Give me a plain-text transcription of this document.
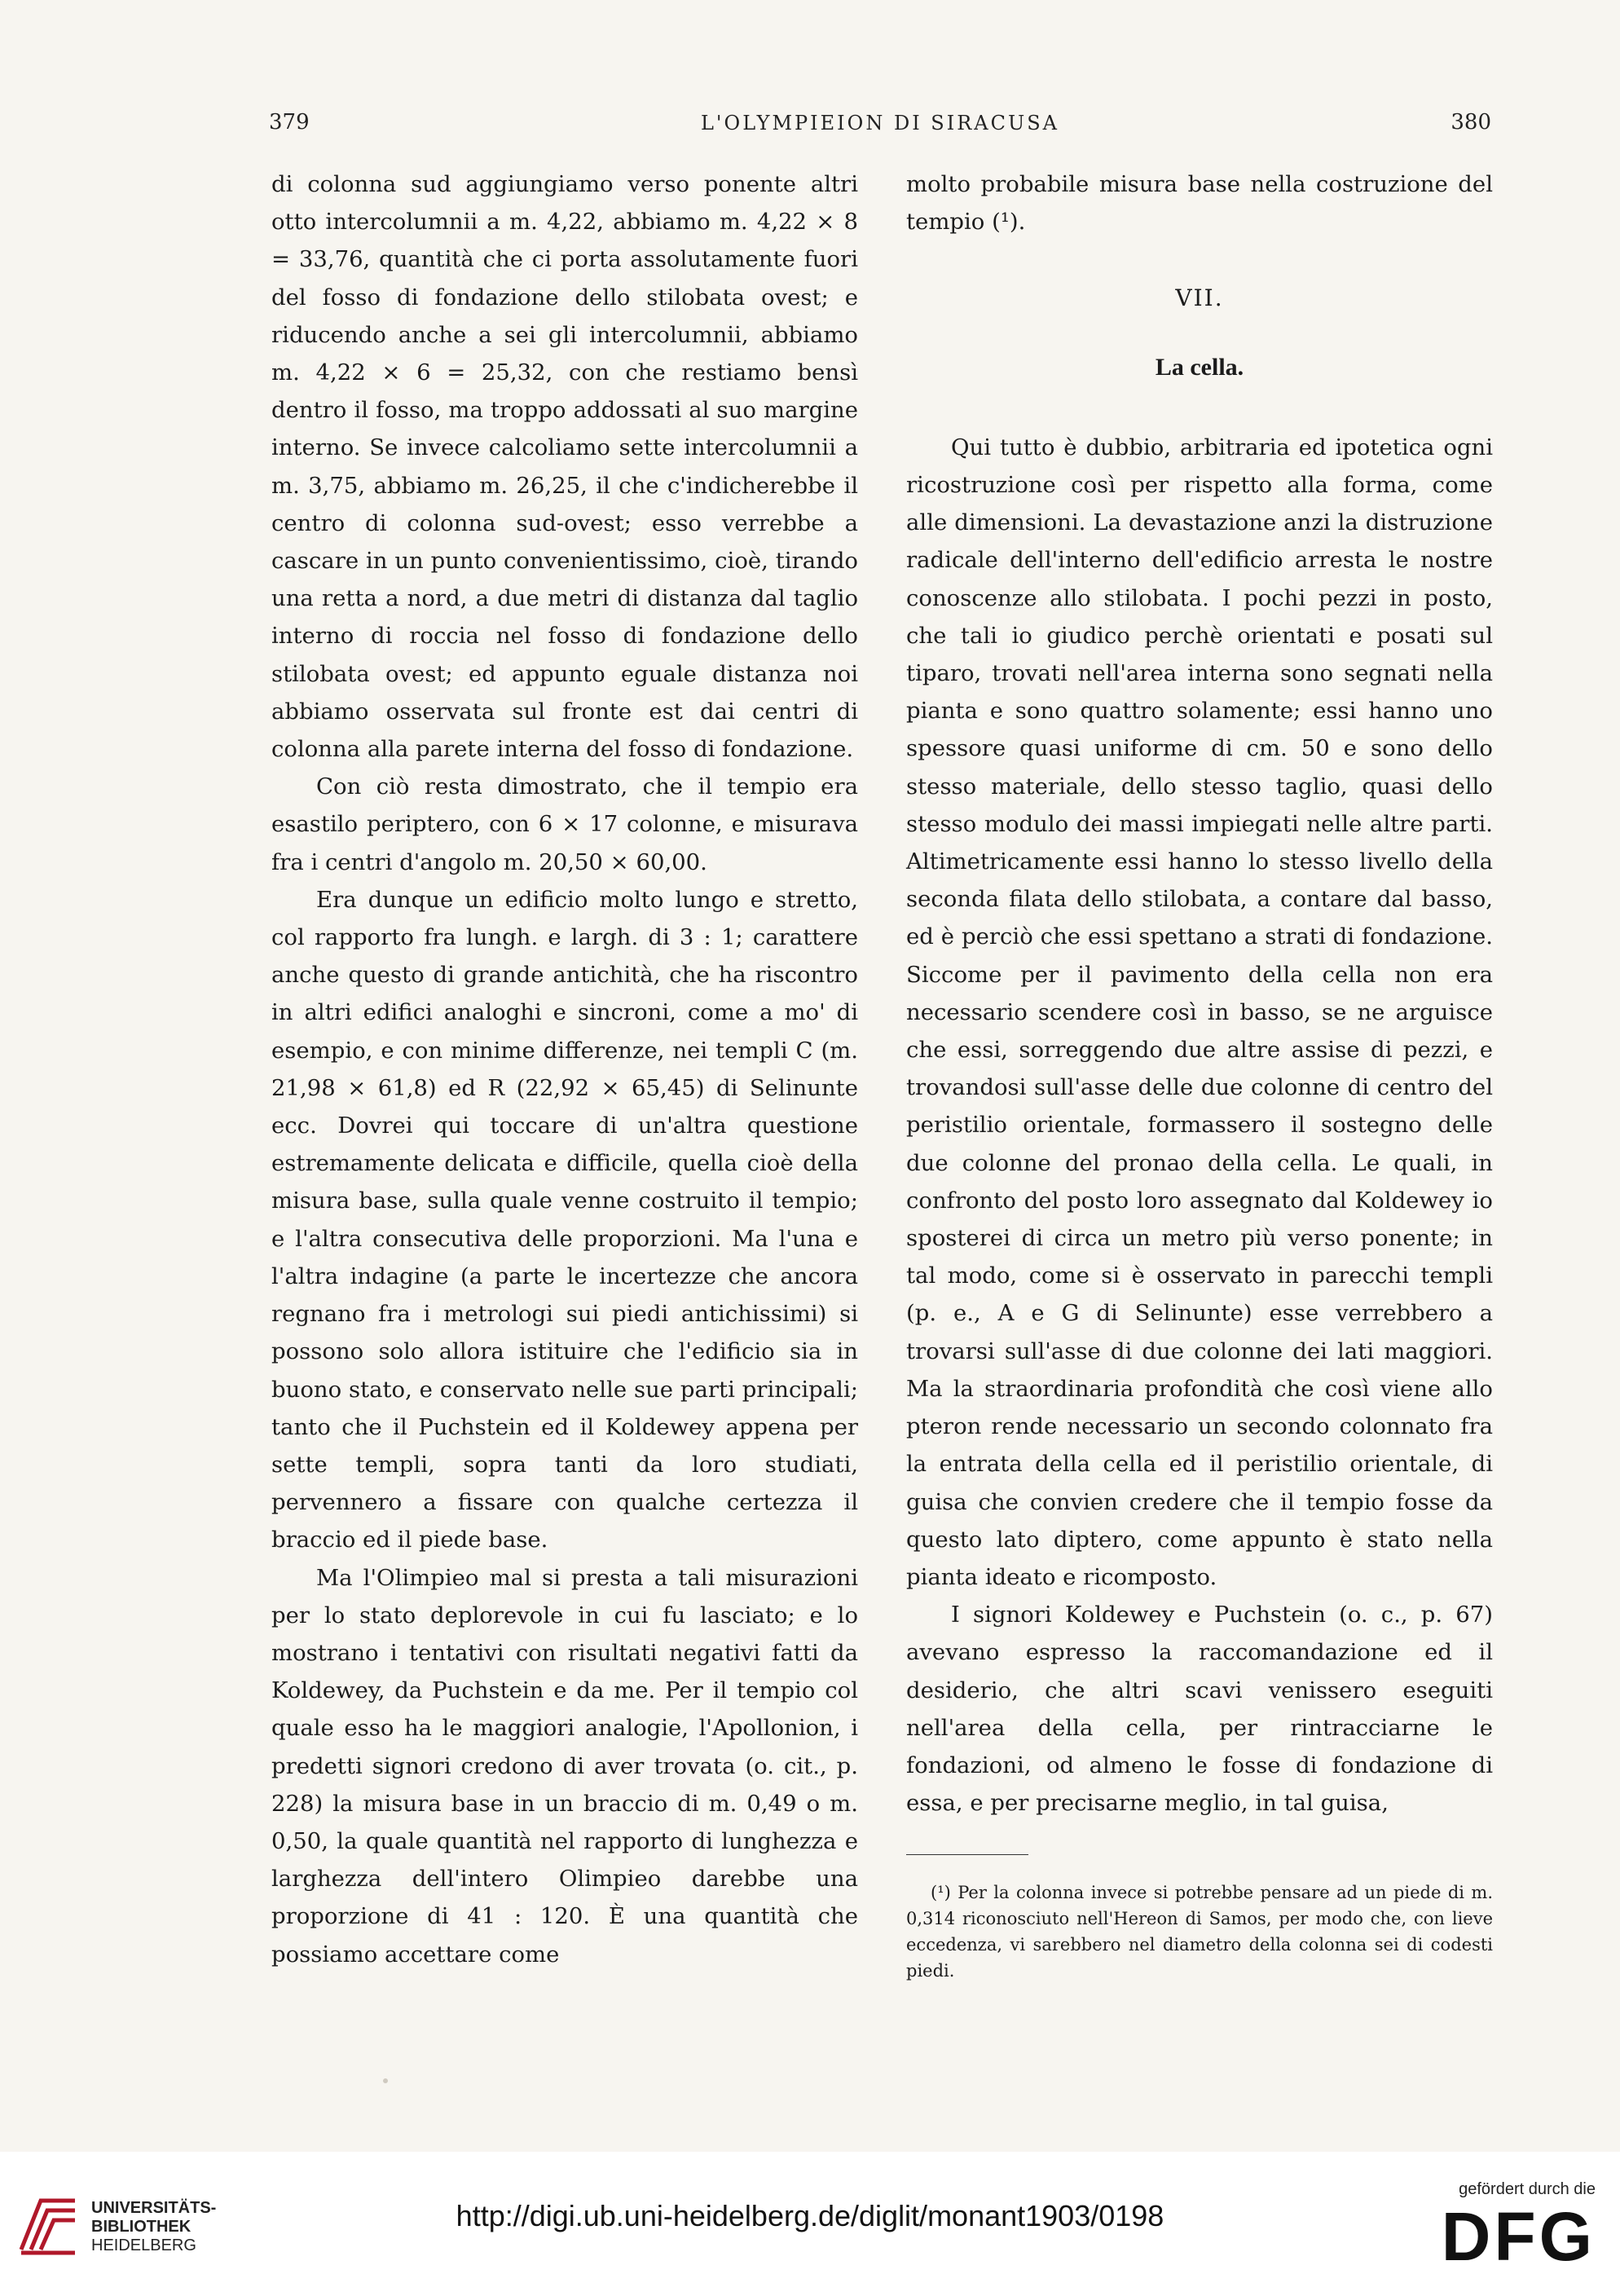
379	L'OLYMPIEION DI SIRACUSA	380

di colonna sud aggiungiamo verso ponente altri otto intercolumnii a m. 4,22, abbiamo m. 4,22 × 8 = 33,76, quantità che ci porta assolutamente fuori del fosso di fondazione dello stilobata ovest; e riducendo anche a sei gli intercolumnii, abbiamo m. 4,22 × 6 = 25,32, con che restiamo bensì dentro il fosso, ma troppo addossati al suo margine interno. Se invece calcoliamo sette intercolumnii a m. 3,75, abbiamo m. 26,25, il che c'indicherebbe il centro di colonna sud-ovest; esso verrebbe a cascare in un punto convenientissimo, cioè, tirando una retta a nord, a due metri di distanza dal taglio interno di roccia nel fosso di fondazione dello stilobata ovest; ed appunto eguale distanza noi abbiamo osservata sul fronte est dai centri di colonna alla parete interna del fosso di fondazione.

Con ciò resta dimostrato, che il tempio era esastilo periptero, con 6 × 17 colonne, e misurava fra i centri d'angolo m. 20,50 × 60,00.

Era dunque un edificio molto lungo e stretto, col rapporto fra lungh. e largh. di 3 : 1; carattere anche questo di grande antichità, che ha riscontro in altri edifici analoghi e sincroni, come a mo' di esempio, e con minime differenze, nei templi C (m. 21,98 × 61,8) ed R (22,92 × 65,45) di Selinunte ecc. Dovrei qui toccare di un'altra questione estremamente delicata e difficile, quella cioè della misura base, sulla quale venne costruito il tempio; e l'altra consecutiva delle proporzioni. Ma l'una e l'altra indagine (a parte le incertezze che ancora regnano fra i metrologi sui piedi antichissimi) si possono solo allora istituire che l'edificio sia in buono stato, e conservato nelle sue parti principali; tanto che il Puchstein ed il Koldewey appena per sette templi, sopra tanti da loro studiati, pervennero a fissare con qualche certezza il braccio ed il piede base.

Ma l'Olimpieo mal si presta a tali misurazioni per lo stato deplorevole in cui fu lasciato; e lo mostrano i tentativi con risultati negativi fatti da Koldewey, da Puchstein e da me. Per il tempio col quale esso ha le maggiori analogie, l'Apollonion, i predetti signori credono di aver trovata (o. cit., p. 228) la misura base in un braccio di m. 0,49 o m. 0,50, la quale quantità nel rapporto di lunghezza e larghezza dell'intero Olimpieo darebbe una proporzione di 41 : 120. È una quantità che possiamo accettare come

molto probabile misura base nella costruzione del tempio (¹).

VII.
La cella.

Qui tutto è dubbio, arbitraria ed ipotetica ogni ricostruzione così per rispetto alla forma, come alle dimensioni. La devastazione anzi la distruzione radicale dell'interno dell'edificio arresta le nostre conoscenze allo stilobata. I pochi pezzi in posto, che tali io giudico perchè orientati e posati sul tiparo, trovati nell'area interna sono segnati nella pianta e sono quattro solamente; essi hanno uno spessore quasi uniforme di cm. 50 e sono dello stesso materiale, dello stesso taglio, quasi dello stesso modulo dei massi impiegati nelle altre parti. Altimetricamente essi hanno lo stesso livello della seconda filata dello stilobata, a contare dal basso, ed è perciò che essi spettano a strati di fondazione. Siccome per il pavimento della cella non era necessario scendere così in basso, se ne arguisce che essi, sorreggendo due altre assise di pezzi, e trovandosi sull'asse delle due colonne di centro del peristilio orientale, formassero il sostegno delle due colonne del pronao della cella. Le quali, in confronto del posto loro assegnato dal Koldewey io sposterei di circa un metro più verso ponente; in tal modo, come si è osservato in parecchi templi (p. e., A e G di Selinunte) esse verrebbero a trovarsi sull'asse di due colonne dei lati maggiori. Ma la straordinaria profondità che così viene allo pteron rende necessario un secondo colonnato fra la entrata della cella ed il peristilio orientale, di guisa che convien credere che il tempio fosse da questo lato diptero, come appunto è stato nella pianta ideato e ricomposto.

I signori Koldewey e Puchstein (o. c., p. 67) avevano espresso la raccomandazione ed il desiderio, che altri scavi venissero eseguiti nell'area della cella, per rintracciarne le fondazioni, od almeno le fosse di fondazione di essa, e per precisarne meglio, in tal guisa,

(¹) Per la colonna invece si potrebbe pensare ad un piede di m. 0,314 riconosciuto nell'Hereon di Samos, per modo che, con lieve eccedenza, vi sarebbero nel diametro della colonna sei di codesti piedi.

UNIVERSITÄTS-
BIBLIOTHEK
HEIDELBERG
http://digi.ub.uni-heidelberg.de/diglit/monant1903/0198
gefördert durch die
DFG
